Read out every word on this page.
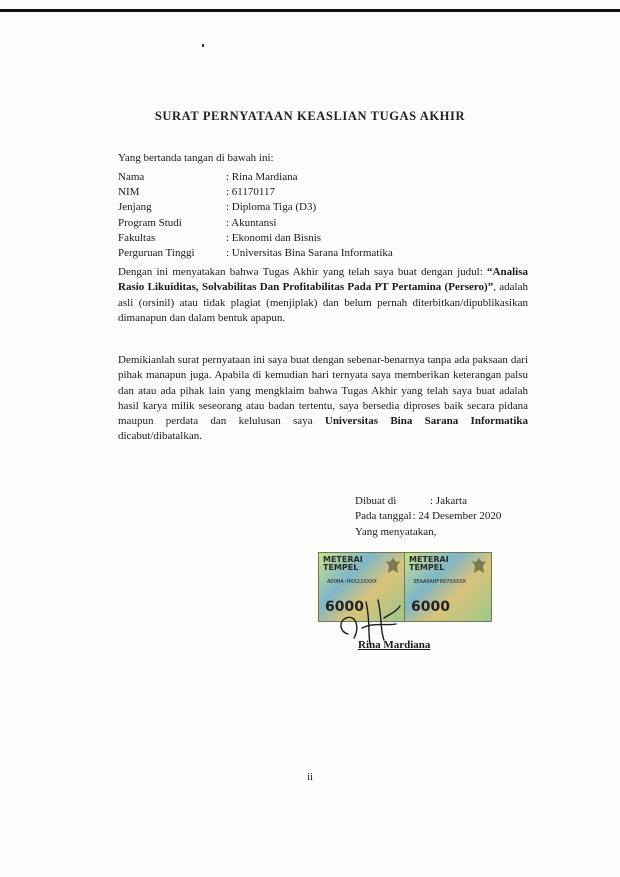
SURAT PERNYATAAN KEASLIAN TUGAS AKHIR
Yang bertanda tangan di bawah ini:
Nama	: Rina Mardiana
NIM	: 61170117
Jenjang	: Diploma Tiga (D3)
Program Studi	: Akuntansi
Fakultas	: Ekonomi dan Bisnis
Perguruan Tinggi	: Universitas Bina Sarana Informatika
Dengan ini menyatakan bahwa Tugas Akhir yang telah saya buat dengan judul: “Analisa Rasio Likuiditas, Solvabilitas Dan Profitabilitas Pada PT Pertamina (Persero)”, adalah asli (orsinil) atau tidak plagiat (menjiplak) dan belum pernah diterbitkan/dipublikasikan dimanapun dan dalam bentuk apapun.
Demikianlah surat pernyataan ini saya buat dengan sebenar-benarnya tanpa ada paksaan dari pihak manapun juga. Apabila di kemudian hari ternyata saya memberikan keterangan palsu dan atau ada pihak lain yang mengklaim bahwa Tugas Akhir yang telah saya buat adalah hasil karya milik seseorang atau badan tertentu, saya bersedia diproses baik secara pidana maupun perdata dan kelulusan saya Universitas Bina Sarana Informatika dicabut/dibatalkan.
Dibuat di	: Jakarta
Pada tanggal : 24 Desember 2020
Yang menyatakan,
METERAI
TEMPEL
ADOHA-HXX22XXXX
6000
METERAI
TEMPEL
3EAA6AHF097XXXXX
6000
Rina Mardiana
ii
